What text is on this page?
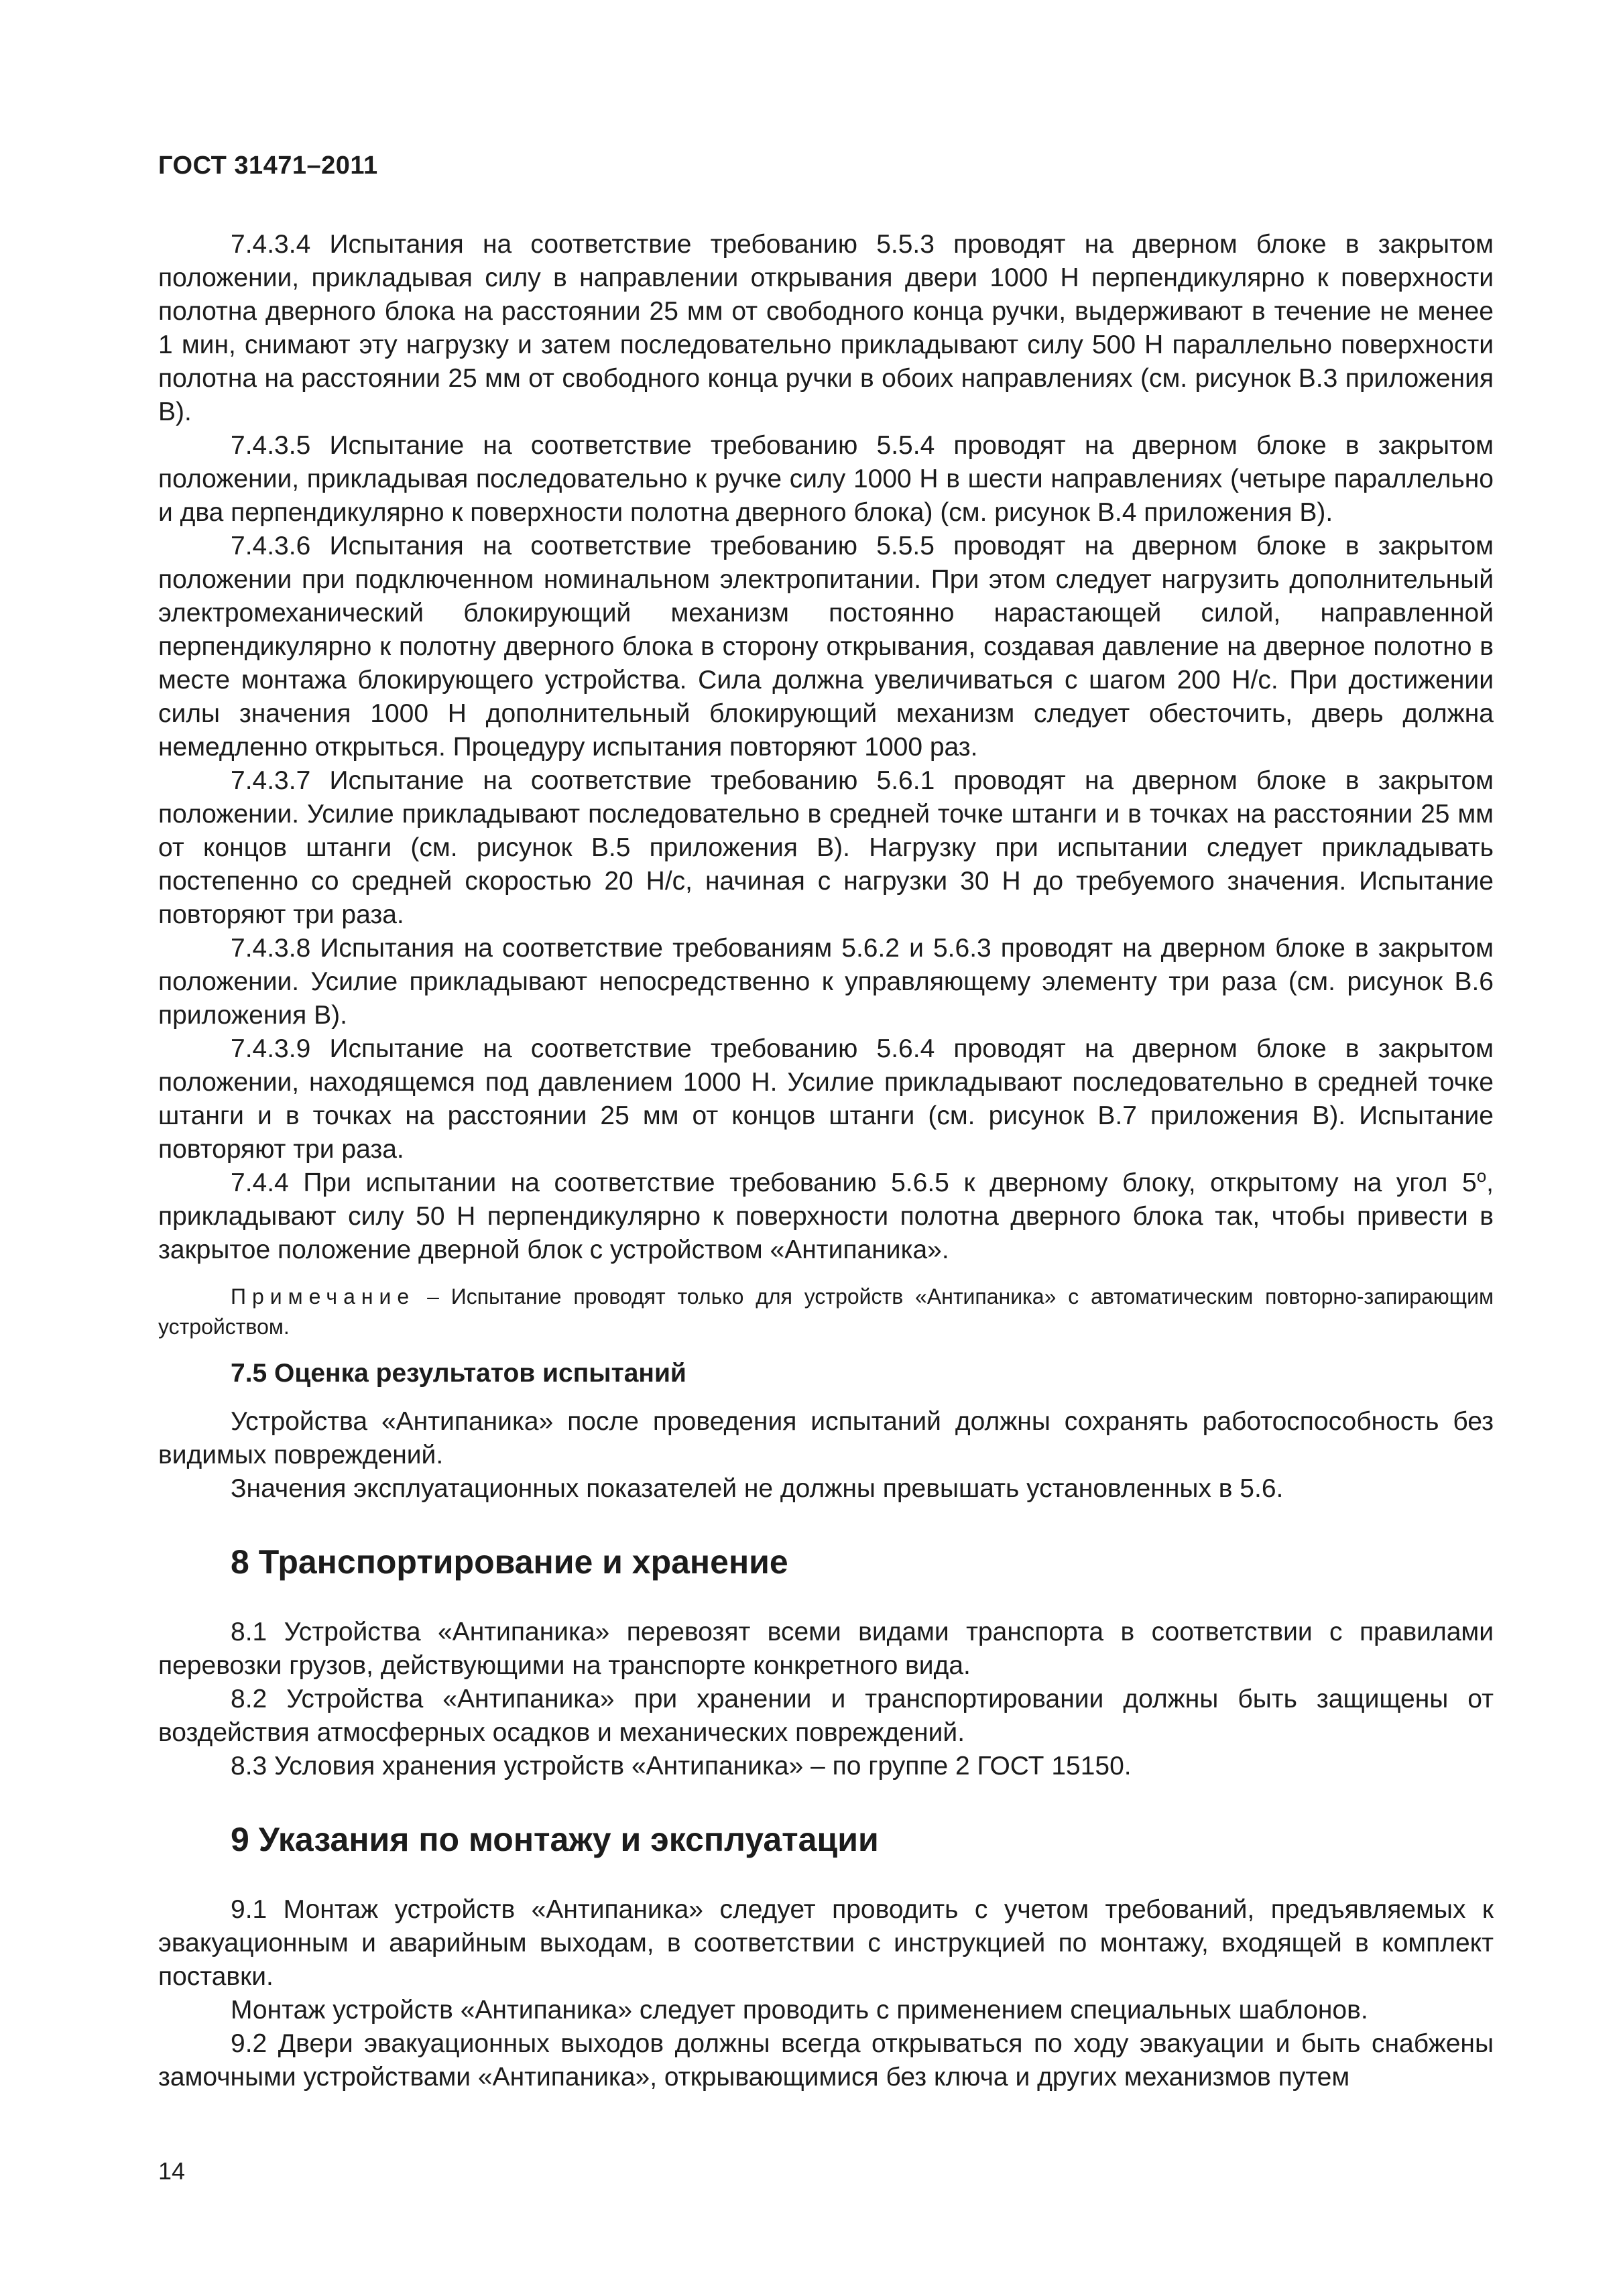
ГОСТ 31471–2011

7.4.3.4 Испытания на соответствие требованию 5.5.3 проводят на дверном блоке в закрытом положении, прикладывая силу в направлении открывания двери 1000 Н перпендикулярно к поверхности полотна дверного блока на расстоянии 25 мм от свободного конца ручки, выдерживают в течение не менее 1 мин, снимают эту нагрузку и затем последовательно прикладывают силу 500 Н параллельно поверхности полотна на расстоянии 25 мм от свободного конца ручки в обоих направлениях (см. рисунок В.3 приложения В).

7.4.3.5 Испытание на соответствие требованию 5.5.4 проводят на дверном блоке в закрытом положении, прикладывая последовательно к ручке силу 1000 Н в шести направлениях (четыре параллельно и два перпендикулярно к поверхности полотна дверного блока) (см. рисунок В.4 приложения В).

7.4.3.6 Испытания на соответствие требованию 5.5.5 проводят на дверном блоке в закрытом положении при подключенном номинальном электропитании. При этом следует нагрузить дополнительный электромеханический блокирующий механизм постоянно нарастающей силой, направленной перпендикулярно к полотну дверного блока в сторону открывания, создавая давление на дверное полотно в месте монтажа блокирующего устройства. Сила должна увеличиваться с шагом 200 Н/с. При достижении силы значения 1000 Н дополнительный блокирующий механизм следует обесточить, дверь должна немедленно открыться. Процедуру испытания повторяют 1000 раз.

7.4.3.7 Испытание на соответствие требованию 5.6.1 проводят на дверном блоке в закрытом положении. Усилие прикладывают последовательно в средней точке штанги и в точках на расстоянии 25 мм от концов штанги (см. рисунок В.5 приложения В). Нагрузку при испытании следует прикладывать постепенно со средней скоростью 20 Н/с, начиная с нагрузки 30 Н до требуемого значения. Испытание повторяют три раза.

7.4.3.8 Испытания на соответствие требованиям 5.6.2 и 5.6.3 проводят на дверном блоке в закрытом положении. Усилие прикладывают непосредственно к управляющему элементу три раза (см. рисунок В.6 приложения В).

7.4.3.9 Испытание на соответствие требованию 5.6.4 проводят на дверном блоке в закрытом положении, находящемся под давлением 1000 Н. Усилие прикладывают последовательно в средней точке штанги и в точках на расстоянии 25 мм от концов штанги (см. рисунок В.7 приложения В). Испытание повторяют три раза.

7.4.4 При испытании на соответствие требованию 5.6.5 к дверному блоку, открытому на угол $5^о$, прикладывают силу 50 Н перпендикулярно к поверхности полотна дверного блока так, чтобы привести в закрытое положение дверной блок с устройством «Антипаника».

Примечание – Испытание проводят только для устройств «Антипаника» с автоматическим повторно-запирающим устройством.

7.5 Оценка результатов испытаний

Устройства «Антипаника» после проведения испытаний должны сохранять работоспособность без видимых повреждений.

Значения эксплуатационных показателей не должны превышать установленных в 5.6.

8 Транспортирование и хранение

8.1 Устройства «Антипаника» перевозят всеми видами транспорта в соответствии с правилами перевозки грузов, действующими на транспорте конкретного вида.

8.2 Устройства «Антипаника» при хранении и транспортировании должны быть защищены от воздействия атмосферных осадков и механических повреждений.

8.3 Условия хранения устройств «Антипаника» – по группе 2 ГОСТ 15150.

9 Указания по монтажу и эксплуатации

9.1 Монтаж устройств «Антипаника» следует проводить с учетом требований, предъявляемых к эвакуационным и аварийным выходам, в соответствии с инструкцией по монтажу, входящей в комплект поставки.

Монтаж устройств «Антипаника» следует проводить с применением специальных шаблонов.

9.2 Двери эвакуационных выходов должны всегда открываться по ходу эвакуации и быть снабжены замочными устройствами «Антипаника», открывающимися без ключа и других механизмов путем

14
